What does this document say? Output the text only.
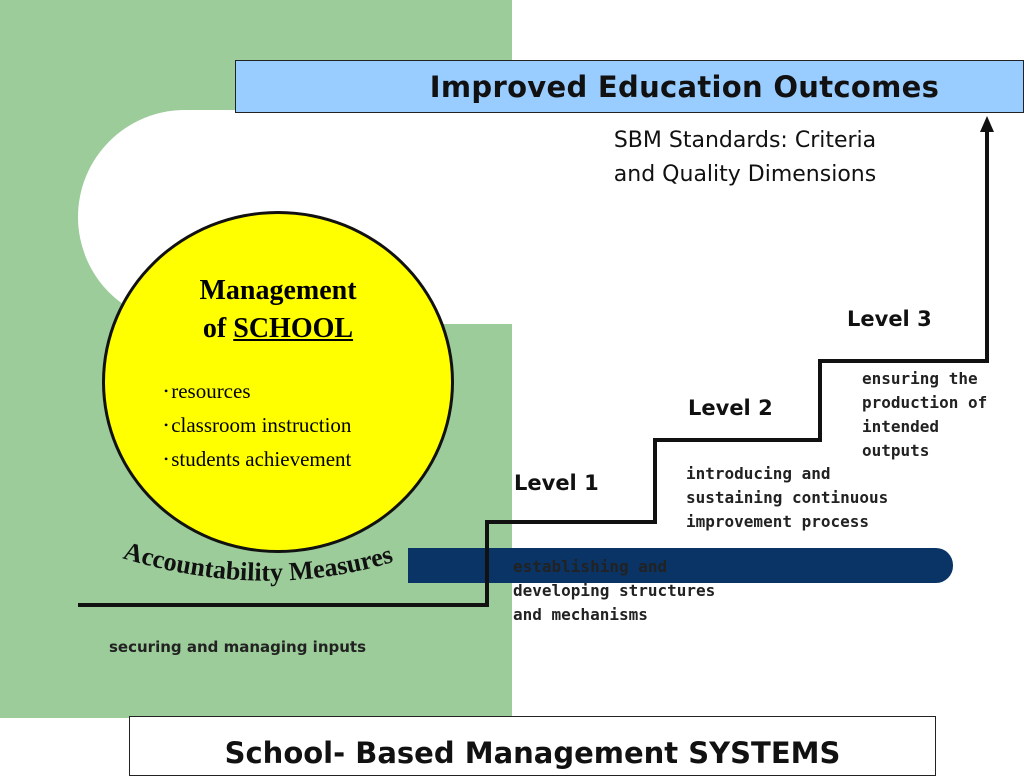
Improved Education Outcomes
SBM Standards: Criteria
and Quality Dimensions
Level 1
Level 2
Level 3
establishing and
developing structures
and mechanisms
introducing and
sustaining continuous
improvement process
ensuring the
production of
intended
outputs
Management
of SCHOOL
• resources
• classroom instruction
• students achievement
Accountability Measures
securing and managing inputs
School- Based Management SYSTEMS
